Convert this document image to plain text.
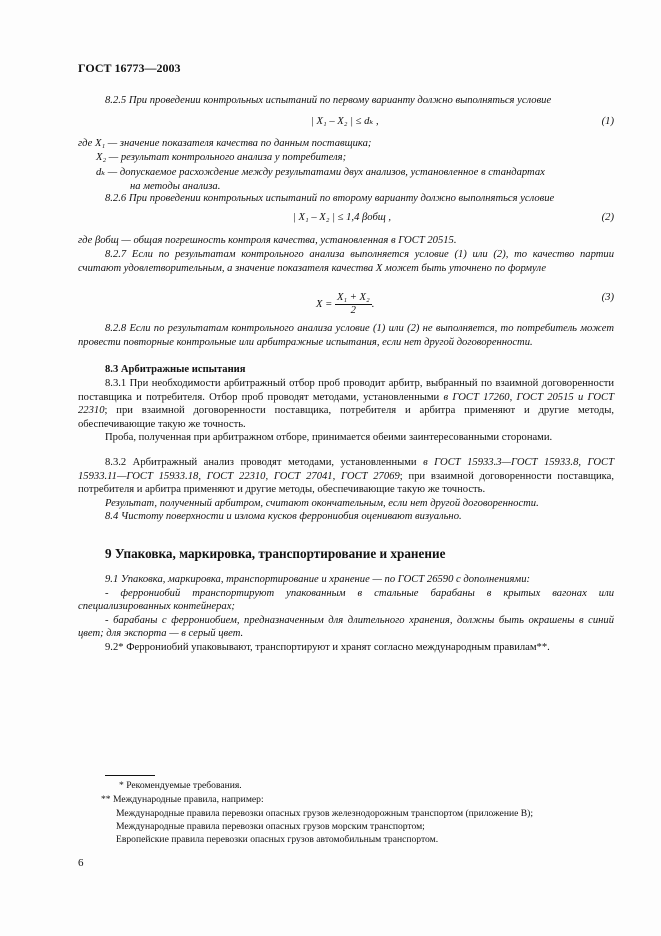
ГОСТ 16773—2003

8.2.5 При проведении контрольных испытаний по первому варианту должно выполняться условие

| X₁ – X₂ | ≤ dₖ ,	(1)
где X₁ — значение показателя качества по данным поставщика;
X₂ — результат контрольного анализа у потребителя;
dₖ — допускаемое расхождение между результатами двух анализов, установленное в стандартах
на методы анализа.

8.2.6 При проведении контрольных испытаний по второму варианту должно выполняться условие

| X₁ – X₂ | ≤ 1,4 βобщ ,	(2)
где βобщ — общая погрешность контроля качества, установленная в ГОСТ 20515.

8.2.7 Если по результатам контрольного анализа выполняется условие (1) или (2), то качество партии считают удовлетворительным, а значение показателя качества X может быть уточнено по формуле

$X = \frac{\text{X₁ + X₂}}{2}$ .
(3)

8.2.8 Если по результатам контрольного анализа условие (1) или (2) не выполняется, то потребитель может провести повторные контрольные или арбитражные испытания, если нет другой договоренности.

8.3 Арбитражные испытания

8.3.1 При необходимости арбитражный отбор проб проводит арбитр, выбранный по взаимной договоренности поставщика и потребителя. Отбор проб проводят методами, установленными в ГОСТ 17260, ГОСТ 20515 и ГОСТ 22310; при взаимной договоренности поставщика, потребителя и арбитра применяют и другие методы, обеспечивающие такую же точность.

Проба, полученная при арбитражном отборе, принимается обеими заинтересованными сторонами.

8.3.2 Арбитражный анализ проводят методами, установленными в ГОСТ 15933.3—ГОСТ 15933.8, ГОСТ 15933.11—ГОСТ 15933.18, ГОСТ 22310, ГОСТ 27041, ГОСТ 27069; при взаимной договоренности поставщика, потребителя и арбитра применяют и другие методы, обеспечивающие такую же точность.

Результат, полученный арбитром, считают окончательным, если нет другой договоренности.

8.4 Чистоту поверхности и излома кусков феррониобия оценивают визуально.

9 Упаковка, маркировка, транспортирование и хранение

9.1 Упаковка, маркировка, транспортирование и хранение — по ГОСТ 26590 с дополнениями:

- феррониобий транспортируют упакованным в стальные барабаны в крытых вагонах или специализированных контейнерах;

- барабаны с феррониобием, предназначенным для длительного хранения, должны быть окрашены в синий цвет; для экспорта — в серый цвет.

9.2* Феррониобий упаковывают, транспортируют и хранят согласно международным правилам**.

* Рекомендуемые требования.
** Международные правила, например:
Международные правила перевозки опасных грузов железнодорожным транспортом (приложение В);
Международные правила перевозки опасных грузов морским транспортом;
Европейские правила перевозки опасных грузов автомобильным транспортом.
6
